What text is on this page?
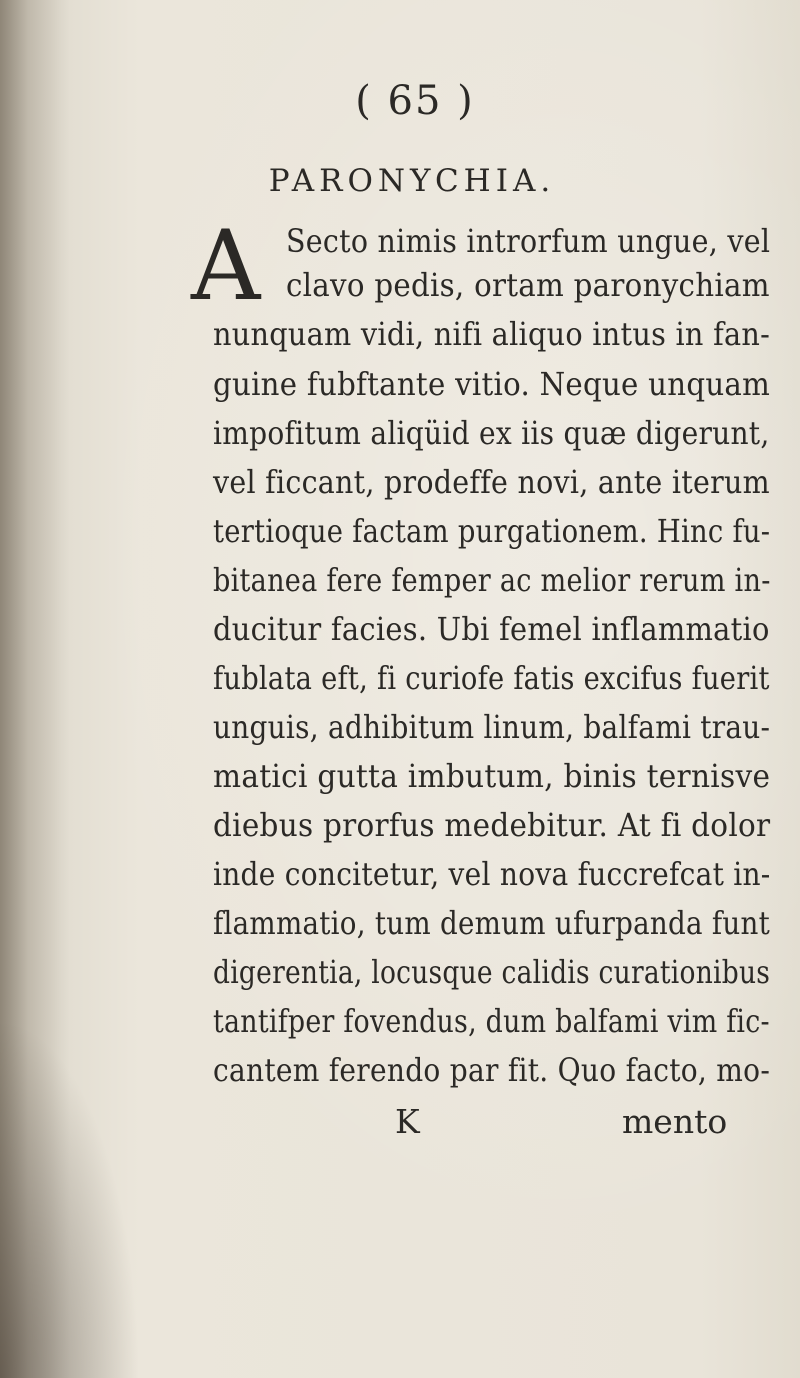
( 65 )
PARONYCHIA.
A Secto nimis introrfum ungue, vel
clavo pedis, ortam paronychiam
nunquam vidi, nifi aliquo intus in fan-
guine fubftante vitio. Neque unquam
impofitum aliqüid ex iis quæ digerunt,
vel ficcant, prodeffe novi, ante iterum
tertioque factam purgationem. Hinc fu-
bitanea fere femper ac melior rerum in-
ducitur facies. Ubi femel inflammatio
fublata eft, fi curiofe fatis excifus fuerit
unguis, adhibitum linum, balfami trau-
matici gutta imbutum, binis ternisve
diebus prorfus medebitur. At fi dolor
inde concitetur, vel nova fuccrefcat in-
flammatio, tum demum ufurpanda funt
digerentia, locusque calidis curationibus
tantifper fovendus, dum balfami vim fic-
cantem ferendo par fit. Quo facto, mo-
K	mento
